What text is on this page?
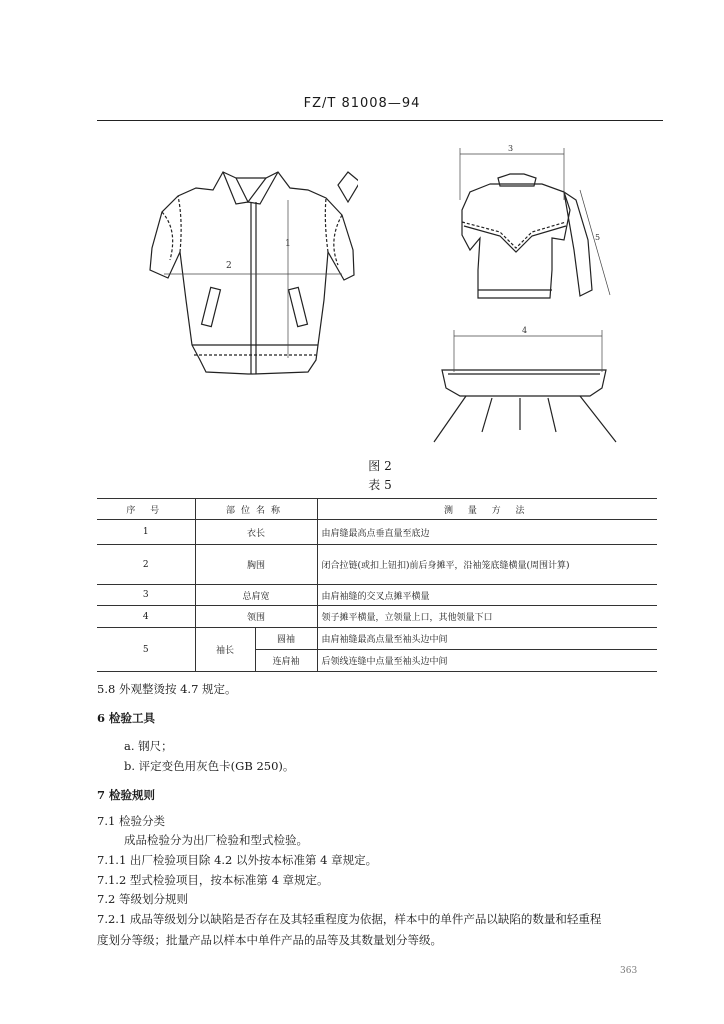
FZ/T 81008—94
1
2
3
5
4
图 2
表 5
序 号	部位名称		测 量 方 法
1	衣长		由肩缝最高点垂直量至底边
2	胸围		闭合拉链(或扣上钮扣)前后身摊平，沿袖笼底缝横量(周围计算)
3	总肩宽		由肩袖缝的交叉点摊平横量
4	领围		领子摊平横量，立领量上口，其他领量下口
5	袖长	圆袖	由肩袖缝最高点量至袖头边中间
		连肩袖	后领线连缝中点量至袖头边中间
5.8 外观整烫按 4.7 规定。
6 检验工具
a. 钢尺；
b. 评定变色用灰色卡(GB 250)。
7 检验规则
7.1 检验分类
成品检验分为出厂检验和型式检验。
7.1.1 出厂检验项目除 4.2 以外按本标准第 4 章规定。
7.1.2 型式检验项目，按本标准第 4 章规定。
7.2 等级划分规则
7.2.1 成品等级划分以缺陷是否存在及其轻重程度为依据，样本中的单件产品以缺陷的数量和轻重程
度划分等级；批量产品以样本中单件产品的品等及其数量划分等级。
363
